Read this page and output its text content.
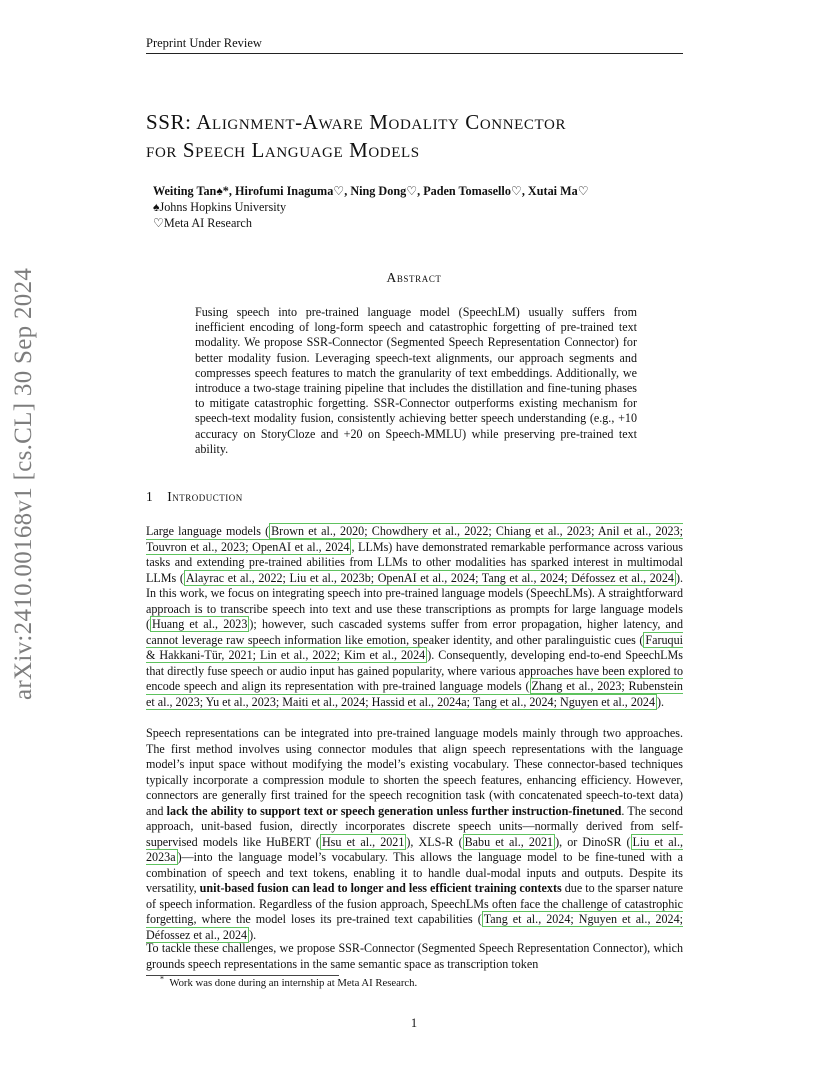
Preprint Under Review
SSR: Alignment-Aware Modality Connector
for Speech Language Models
Weiting Tan♠*, Hirofumi Inaguma♡, Ning Dong♡, Paden Tomasello♡, Xutai Ma♡
♠Johns Hopkins University
♡Meta AI Research
Abstract
Fusing speech into pre-trained language model (SpeechLM) usually suffers from inefficient encoding of long-form speech and catastrophic forgetting of pre-trained text modality. We propose SSR-Connector (Segmented Speech Representation Connector) for better modality fusion. Leveraging speech-text alignments, our approach segments and compresses speech features to match the granularity of text embeddings. Additionally, we introduce a two-stage training pipeline that includes the distillation and fine-tuning phases to mitigate catastrophic forgetting. SSR-Connector outperforms existing mechanism for speech-text modality fusion, consistently achieving better speech understanding (e.g., +10 accuracy on StoryCloze and +20 on Speech-MMLU) while preserving pre-trained text ability.
1 Introduction
Large language models ( Brown et al., 2020; Chowdhery et al., 2022; Chiang et al., 2023; Anil et al., 2023; Touvron et al., 2023; OpenAI et al., 2024 , LLMs) have demonstrated remarkable performance across various tasks and extending pre-trained abilities from LLMs to other modalities has sparked interest in multimodal LLMs ( Alayrac et al., 2022; Liu et al., 2023b; OpenAI et al., 2024; Tang et al., 2024; Défossez et al., 2024 ). In this work, we focus on integrating speech into pre-trained language models (SpeechLMs). A straightforward approach is to transcribe speech into text and use these transcriptions as prompts for large language models ( Huang et al., 2023 ); however, such cascaded systems suffer from error propagation, higher latency, and cannot leverage raw speech information like emotion, speaker identity, and other paralinguistic cues ( Faruqui & Hakkani-Tür, 2021; Lin et al., 2022; Kim et al., 2024 ). Consequently, developing end-to-end SpeechLMs that directly fuse speech or audio input has gained popularity, where various approaches have been explored to encode speech and align its representation with pre-trained language models ( Zhang et al., 2023; Rubenstein et al., 2023; Yu et al., 2023; Maiti et al., 2024; Hassid et al., 2024a; Tang et al., 2024; Nguyen et al., 2024 ).
Speech representations can be integrated into pre-trained language models mainly through two approaches. The first method involves using connector modules that align speech representations with the language model’s input space without modifying the model’s existing vocabulary. These connector-based techniques typically incorporate a compression module to shorten the speech features, enhancing efficiency. However, connectors are generally first trained for the speech recognition task (with concatenated speech-to-text data) and lack the ability to support text or speech generation unless further instruction-finetuned. The second approach, unit-based fusion, directly incorporates discrete speech units—normally derived from self-supervised models like HuBERT ( Hsu et al., 2021 ), XLS-R ( Babu et al., 2021 ), or DinoSR ( Liu et al., 2023a )—into the language model’s vocabulary. This allows the language model to be fine-tuned with a combination of speech and text tokens, enabling it to handle dual-modal inputs and outputs. Despite its versatility, unit-based fusion can lead to longer and less efficient training contexts due to the sparser nature of speech information. Regardless of the fusion approach, SpeechLMs often face the challenge of catastrophic forgetting, where the model loses its pre-trained text capabilities ( Tang et al., 2024; Nguyen et al., 2024; Défossez et al., 2024 ).
To tackle these challenges, we propose SSR-Connector (Segmented Speech Representation Connector), which grounds speech representations in the same semantic space as transcription token
* Work was done during an internship at Meta AI Research.
1
arXiv:2410.00168v1 [cs.CL] 30 Sep 2024
